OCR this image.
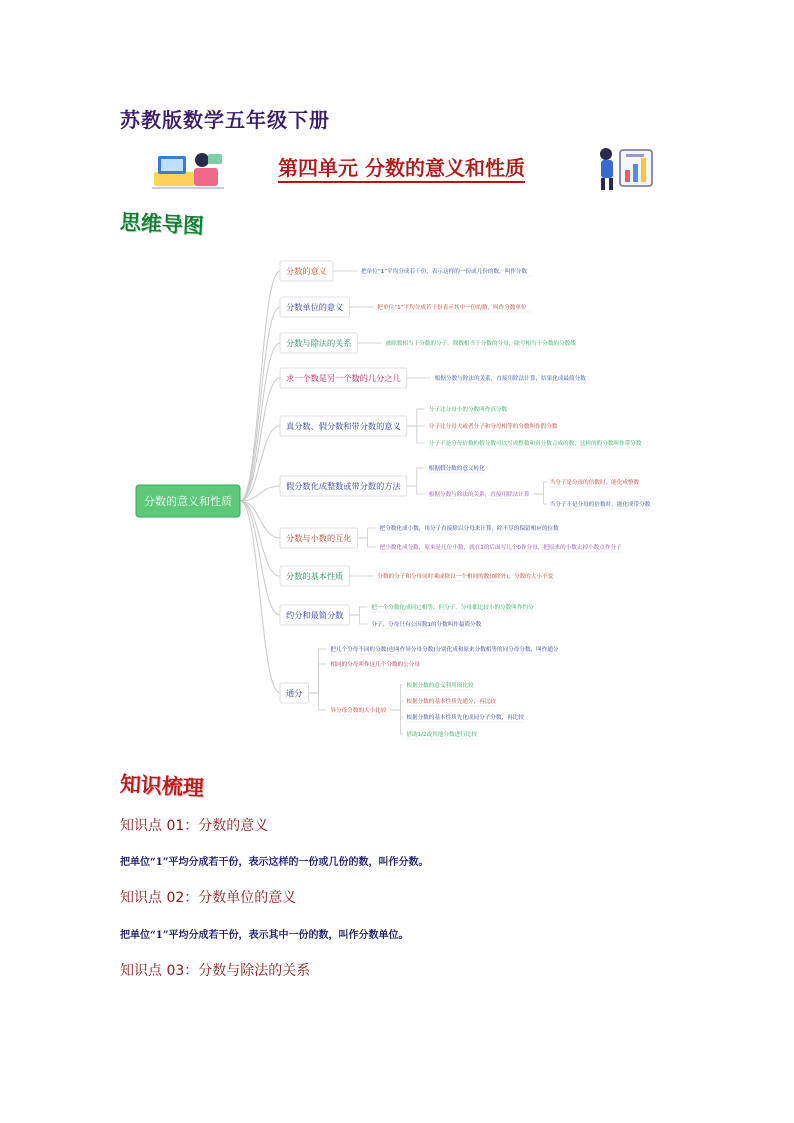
苏教版数学五年级下册
第四单元 分数的意义和性质
思维导图
分数的意义和性质
分数的意义	把单位“1”平均分成若干份，表示这样的一份或几份的数，叫作分数
分数单位的意义	把单位“1”平均分成若干份表示其中一份的数，叫作分数单位
分数与除法的关系	被除数相当于分数的分子，除数相当于分数的分母，除号相当于分数的分数线
求一个数是另一个数的几分之几	根据分数与除法的关系，直接用除法计算，结果化成最简分数
真分数、假分数和带分数的意义
分子比分母小的分数叫作真分数
分子比分母大或者分子和分母相等的分数叫作假分数
分子不是分母倍数的假分数可以写成整数和真分数合成的数，这样的假分数叫作带分数
假分数化成整数或带分数的方法
根据假分数的意义转化
根据分数与除法的关系，直接用除法计算
当分子是分母的倍数时，能化成整数
当分子不是分母的倍数时，能化成带分数
分数与小数的互化
把分数化成小数，用分子直接除以分母来计算，除不尽的保留相应的位数
把小数化成分数，原来是几位小数，就在1的后面写几个0作分母，把原来的小数去掉小数点作分子
分数的基本性质	分数的分子和分母同时乘或除以一个相同的数(0除外)，分数的大小不变
约分和最简分数
把一个分数化成同它相等，但分子、分母都比较小的分数叫作约分
分子、分母只有公因数1的分数叫作最简分数
通分
把几个分母不同的分数(也叫作异分母分数)分别化成和原来分数相等的同分母分数，叫作通分
相同的分母叫作这几个分数的公分母
异分母分数的大小比较
根据分数的意义利用图比较
根据分数的基本性质先通分，再比较
根据分数的基本性质先化成同分子分数，再比较
借助1/2或其他分数进行比较
知识梳理
知识点 01：分数的意义
把单位“1”平均分成若干份，表示这样的一份或几份的数，叫作分数。
知识点 02：分数单位的意义
把单位“1”平均分成若干份，表示其中一份的数，叫作分数单位。
知识点 03：分数与除法的关系
